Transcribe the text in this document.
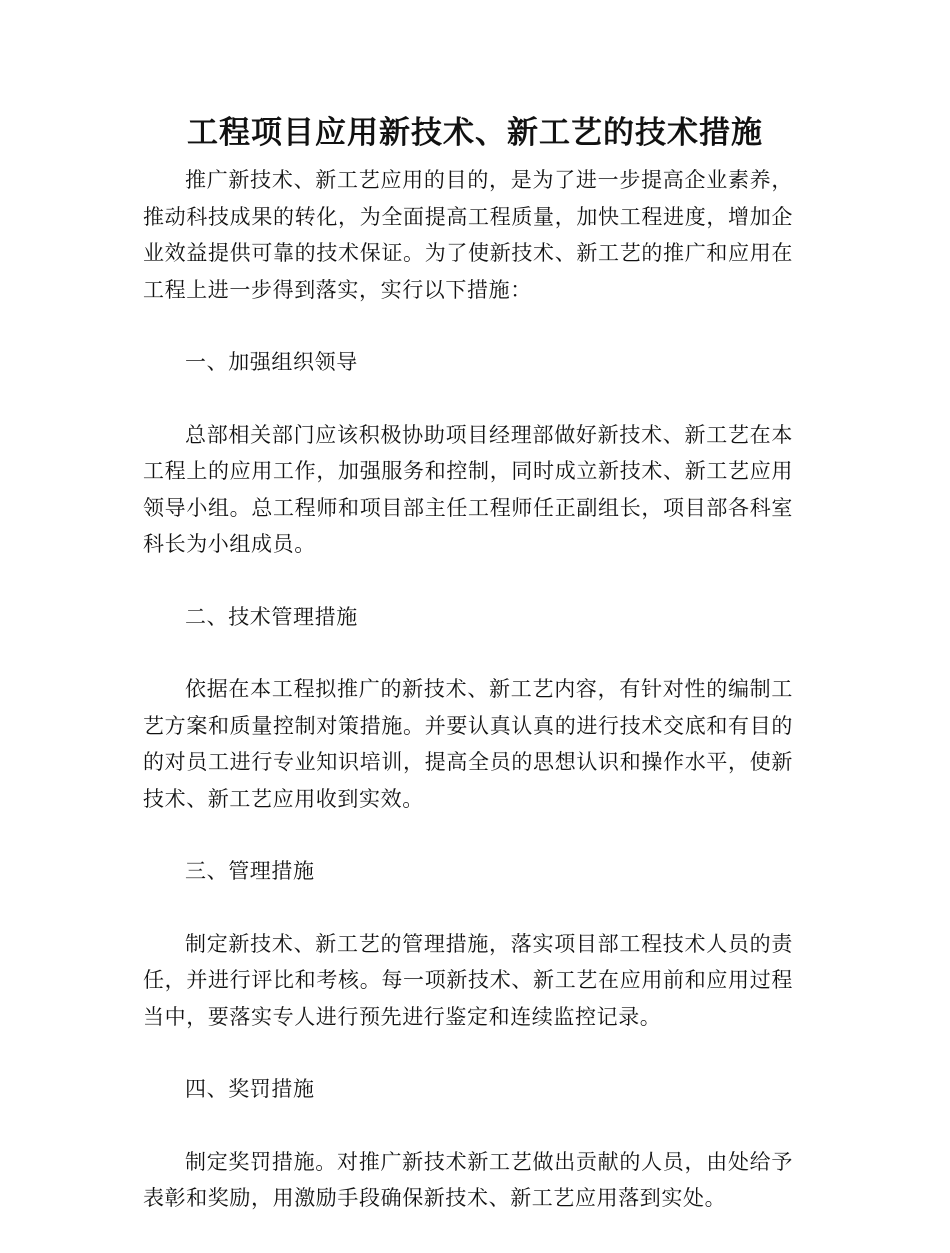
工程项目应用新技术、新工艺的技术措施

推广新技术、新工艺应用的目的，是为了进一步提高企业素养，推动科技成果的转化，为全面提高工程质量，加快工程进度，增加企业效益提供可靠的技术保证。为了使新技术、新工艺的推广和应用在工程上进一步得到落实，实行以下措施：

一、加强组织领导

总部相关部门应该积极协助项目经理部做好新技术、新工艺在本工程上的应用工作，加强服务和控制，同时成立新技术、新工艺应用领导小组。总工程师和项目部主任工程师任正副组长，项目部各科室科长为小组成员。

二、技术管理措施

依据在本工程拟推广的新技术、新工艺内容，有针对性的编制工艺方案和质量控制对策措施。并要认真认真的进行技术交底和有目的的对员工进行专业知识培训，提高全员的思想认识和操作水平，使新技术、新工艺应用收到实效。

三、管理措施

制定新技术、新工艺的管理措施，落实项目部工程技术人员的责任，并进行评比和考核。每一项新技术、新工艺在应用前和应用过程当中，要落实专人进行预先进行鉴定和连续监控记录。

四、奖罚措施

制定奖罚措施。对推广新技术新工艺做出贡献的人员，由处给予表彰和奖励，用激励手段确保新技术、新工艺应用落到实处。
